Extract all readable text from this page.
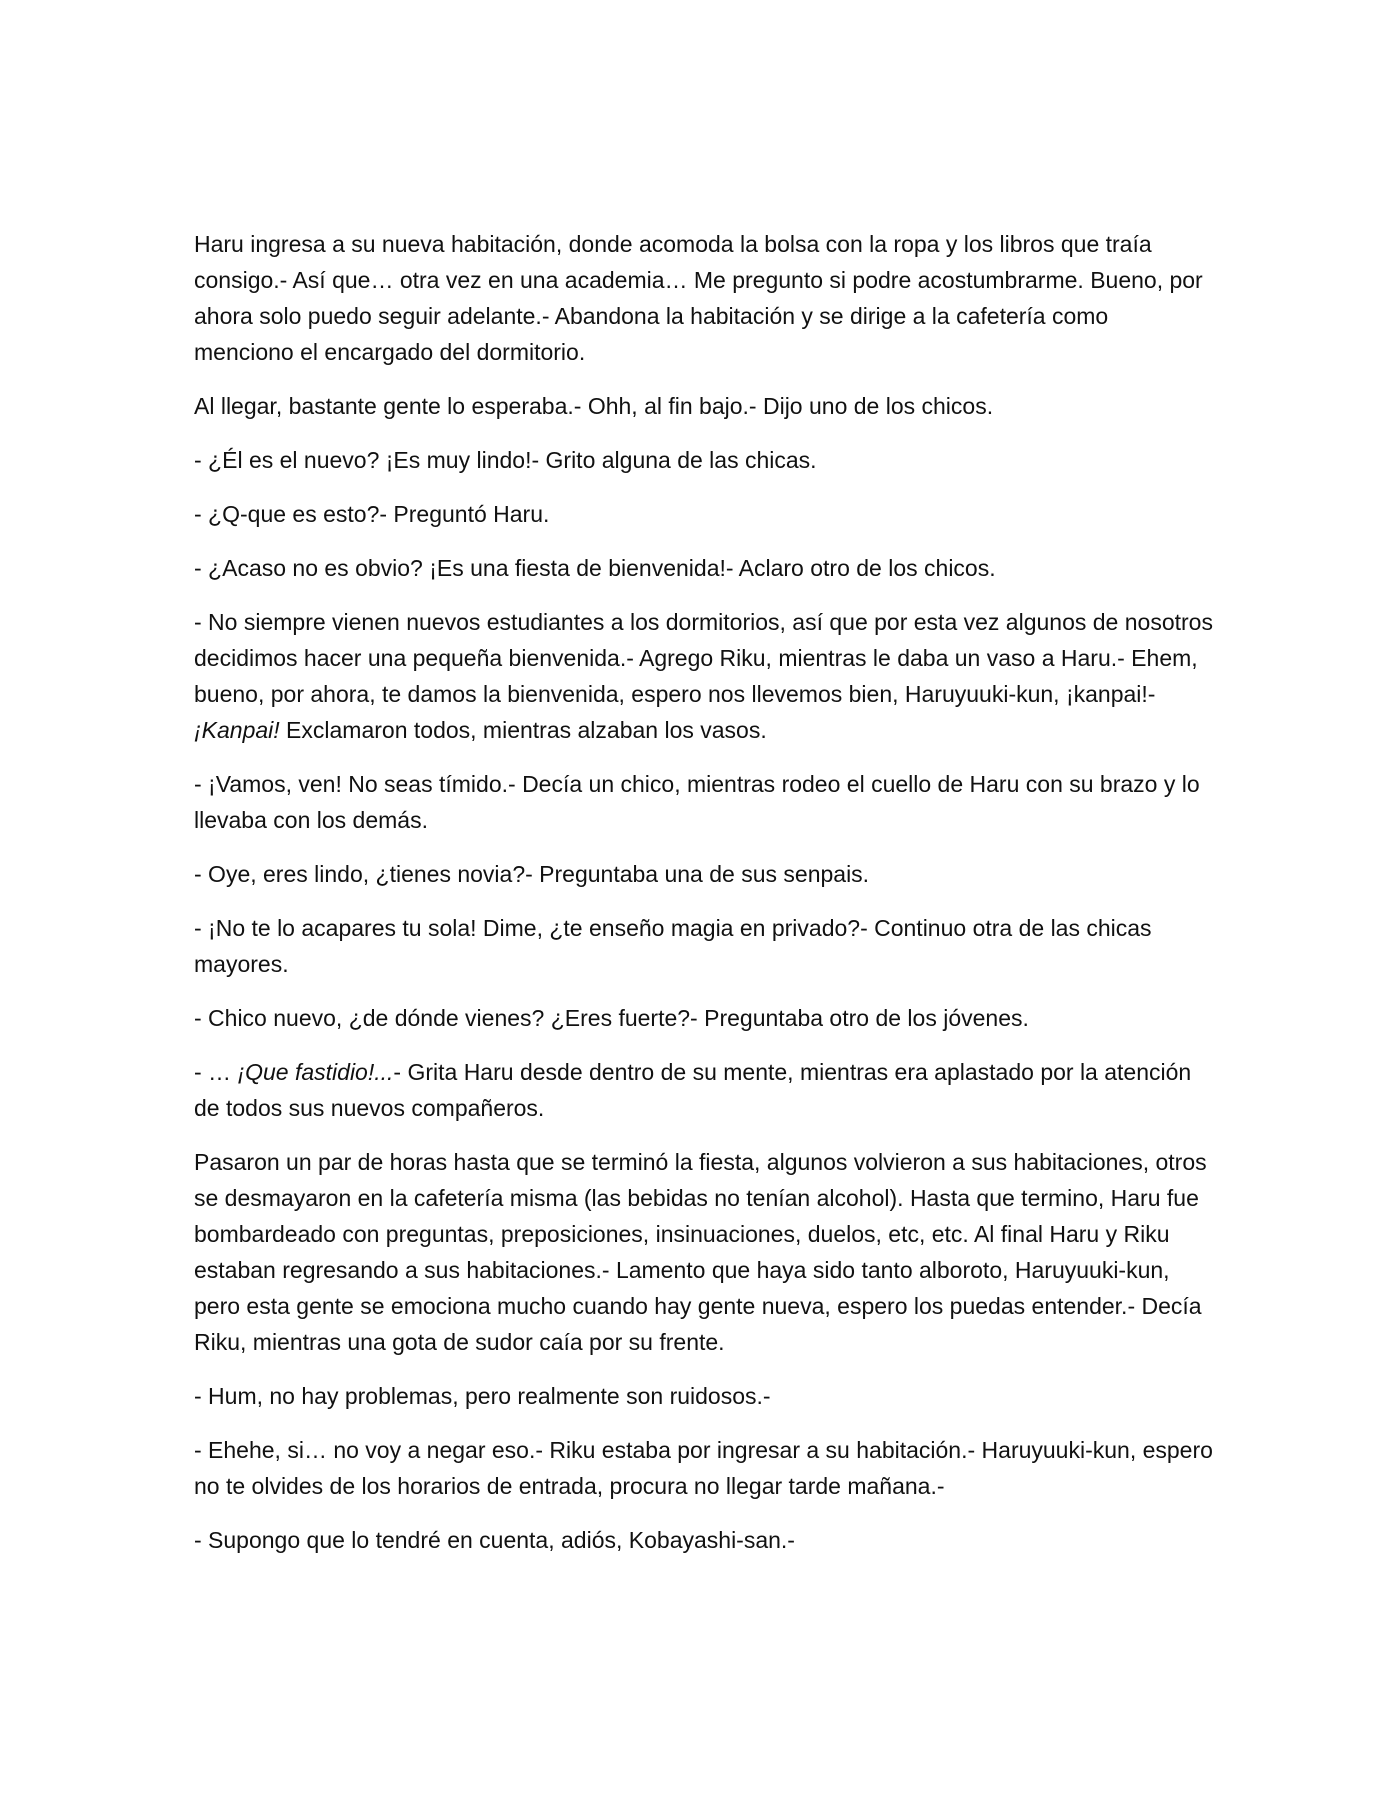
Haru ingresa a su nueva habitación, donde acomoda la bolsa con la ropa y los libros que traía consigo.- Así que… otra vez en una academia… Me pregunto si podre acostumbrarme. Bueno, por ahora solo puedo seguir adelante.- Abandona la habitación y se dirige a la cafetería como menciono el encargado del dormitorio.

Al llegar, bastante gente lo esperaba.- Ohh, al fin bajo.- Dijo uno de los chicos.

- ¿Él es el nuevo? ¡Es muy lindo!- Grito alguna de las chicas.

- ¿Q-que es esto?- Preguntó Haru.

- ¿Acaso no es obvio? ¡Es una fiesta de bienvenida!- Aclaro otro de los chicos.

- No siempre vienen nuevos estudiantes a los dormitorios, así que por esta vez algunos de nosotros decidimos hacer una pequeña bienvenida.- Agrego Riku, mientras le daba un vaso a Haru.- Ehem, bueno, por ahora, te damos la bienvenida, espero nos llevemos bien, Haruyuuki-kun, ¡kanpai!- ¡Kanpai! Exclamaron todos, mientras alzaban los vasos.

- ¡Vamos, ven! No seas tímido.- Decía un chico, mientras rodeo el cuello de Haru con su brazo y lo llevaba con los demás.

- Oye, eres lindo, ¿tienes novia?- Preguntaba una de sus senpais.

- ¡No te lo acapares tu sola! Dime, ¿te enseño magia en privado?- Continuo otra de las chicas mayores.

- Chico nuevo, ¿de dónde vienes? ¿Eres fuerte?- Preguntaba otro de los jóvenes.

- … ¡Que fastidio!...- Grita Haru desde dentro de su mente, mientras era aplastado por la atención de todos sus nuevos compañeros.

Pasaron un par de horas hasta que se terminó la fiesta, algunos volvieron a sus habitaciones, otros se desmayaron en la cafetería misma (las bebidas no tenían alcohol). Hasta que termino, Haru fue bombardeado con preguntas, preposiciones, insinuaciones, duelos, etc, etc. Al final Haru y Riku estaban regresando a sus habitaciones.- Lamento que haya sido tanto alboroto, Haruyuuki-kun, pero esta gente se emociona mucho cuando hay gente nueva, espero los puedas entender.- Decía Riku, mientras una gota de sudor caía por su frente.

- Hum, no hay problemas, pero realmente son ruidosos.-

- Ehehe, si… no voy a negar eso.- Riku estaba por ingresar a su habitación.- Haruyuuki-kun, espero no te olvides de los horarios de entrada, procura no llegar tarde mañana.-

- Supongo que lo tendré en cuenta, adiós, Kobayashi-san.-
